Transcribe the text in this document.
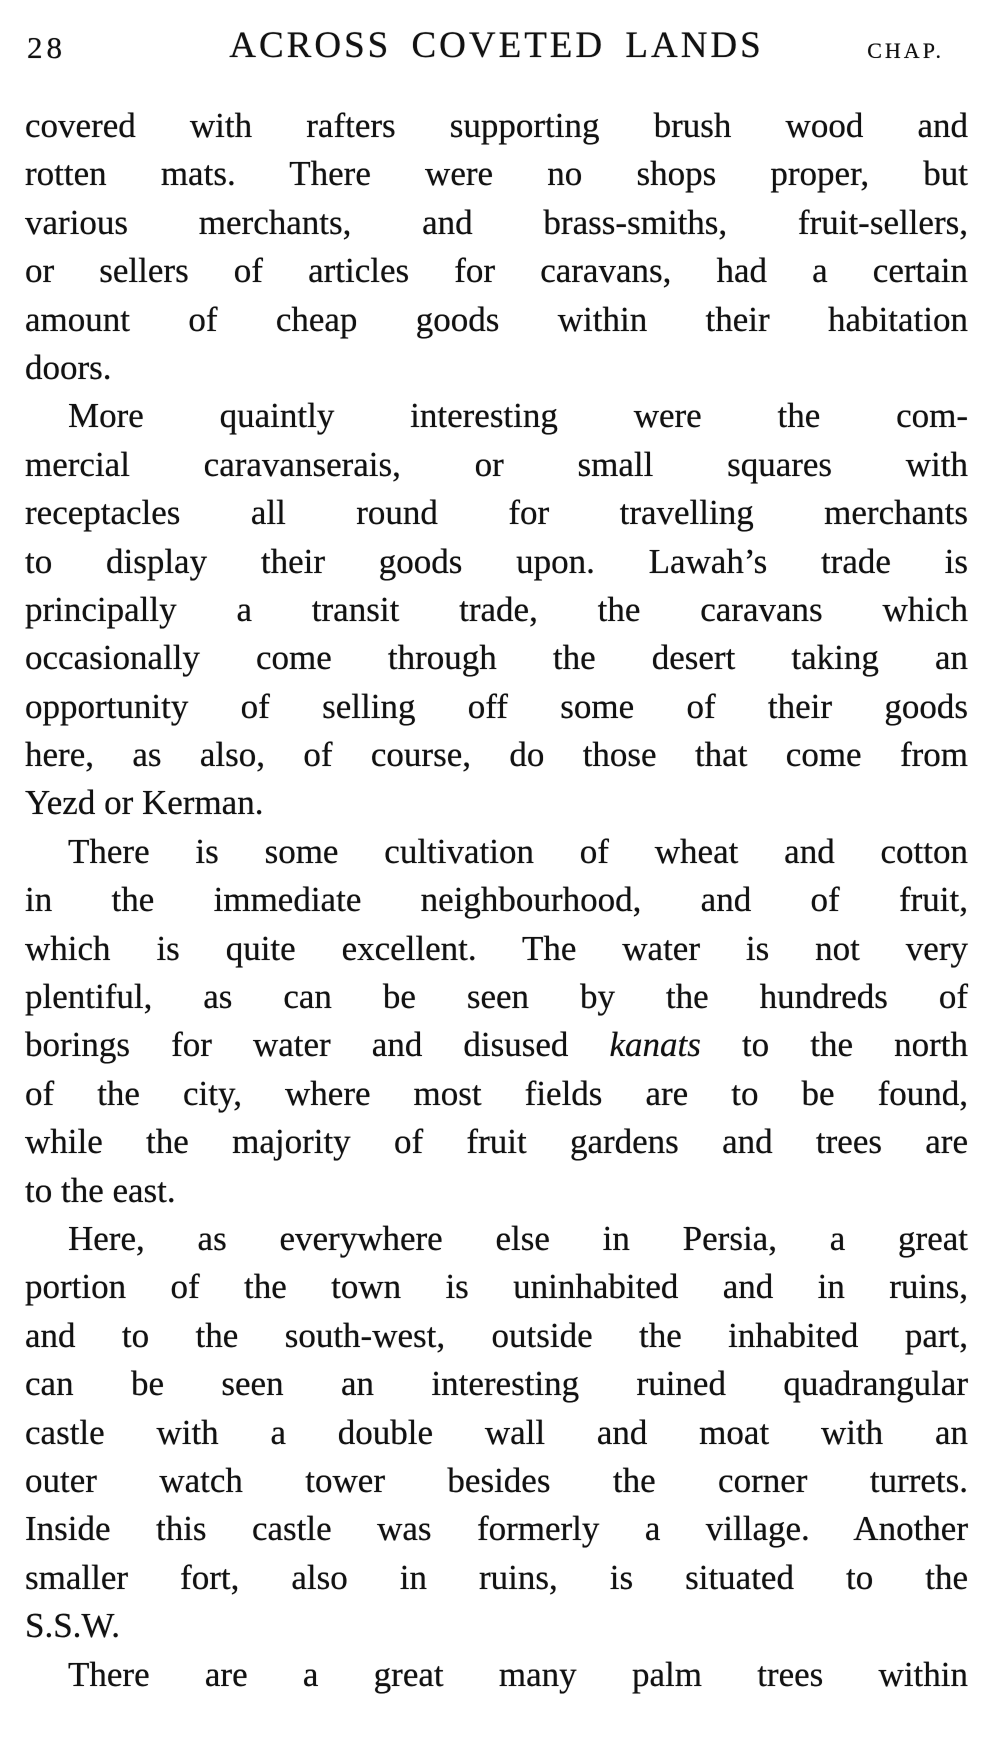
28	ACROSS COVETED LANDS	CHAP.
covered with rafters supporting brush wood and
rotten mats. There were no shops proper, but
various merchants, and brass-smiths, fruit-sellers,
or sellers of articles for caravans, had a certain
amount of cheap goods within their habitation
doors.
More quaintly interesting were the com-
mercial caravanserais, or small squares with
receptacles all round for travelling merchants
to display their goods upon. Lawah’s trade is
principally a transit trade, the caravans which
occasionally come through the desert taking an
opportunity of selling off some of their goods
here, as also, of course, do those that come from
Yezd or Kerman.
There is some cultivation of wheat and cotton
in the immediate neighbourhood, and of fruit,
which is quite excellent. The water is not very
plentiful, as can be seen by the hundreds of
borings for water and disused kanats to the north
of the city, where most fields are to be found,
while the majority of fruit gardens and trees are
to the east.
Here, as everywhere else in Persia, a great
portion of the town is uninhabited and in ruins,
and to the south-west, outside the inhabited part,
can be seen an interesting ruined quadrangular
castle with a double wall and moat with an
outer watch tower besides the corner turrets.
Inside this castle was formerly a village. Another
smaller fort, also in ruins, is situated to the
S.S.W.
There are a great many palm trees within
